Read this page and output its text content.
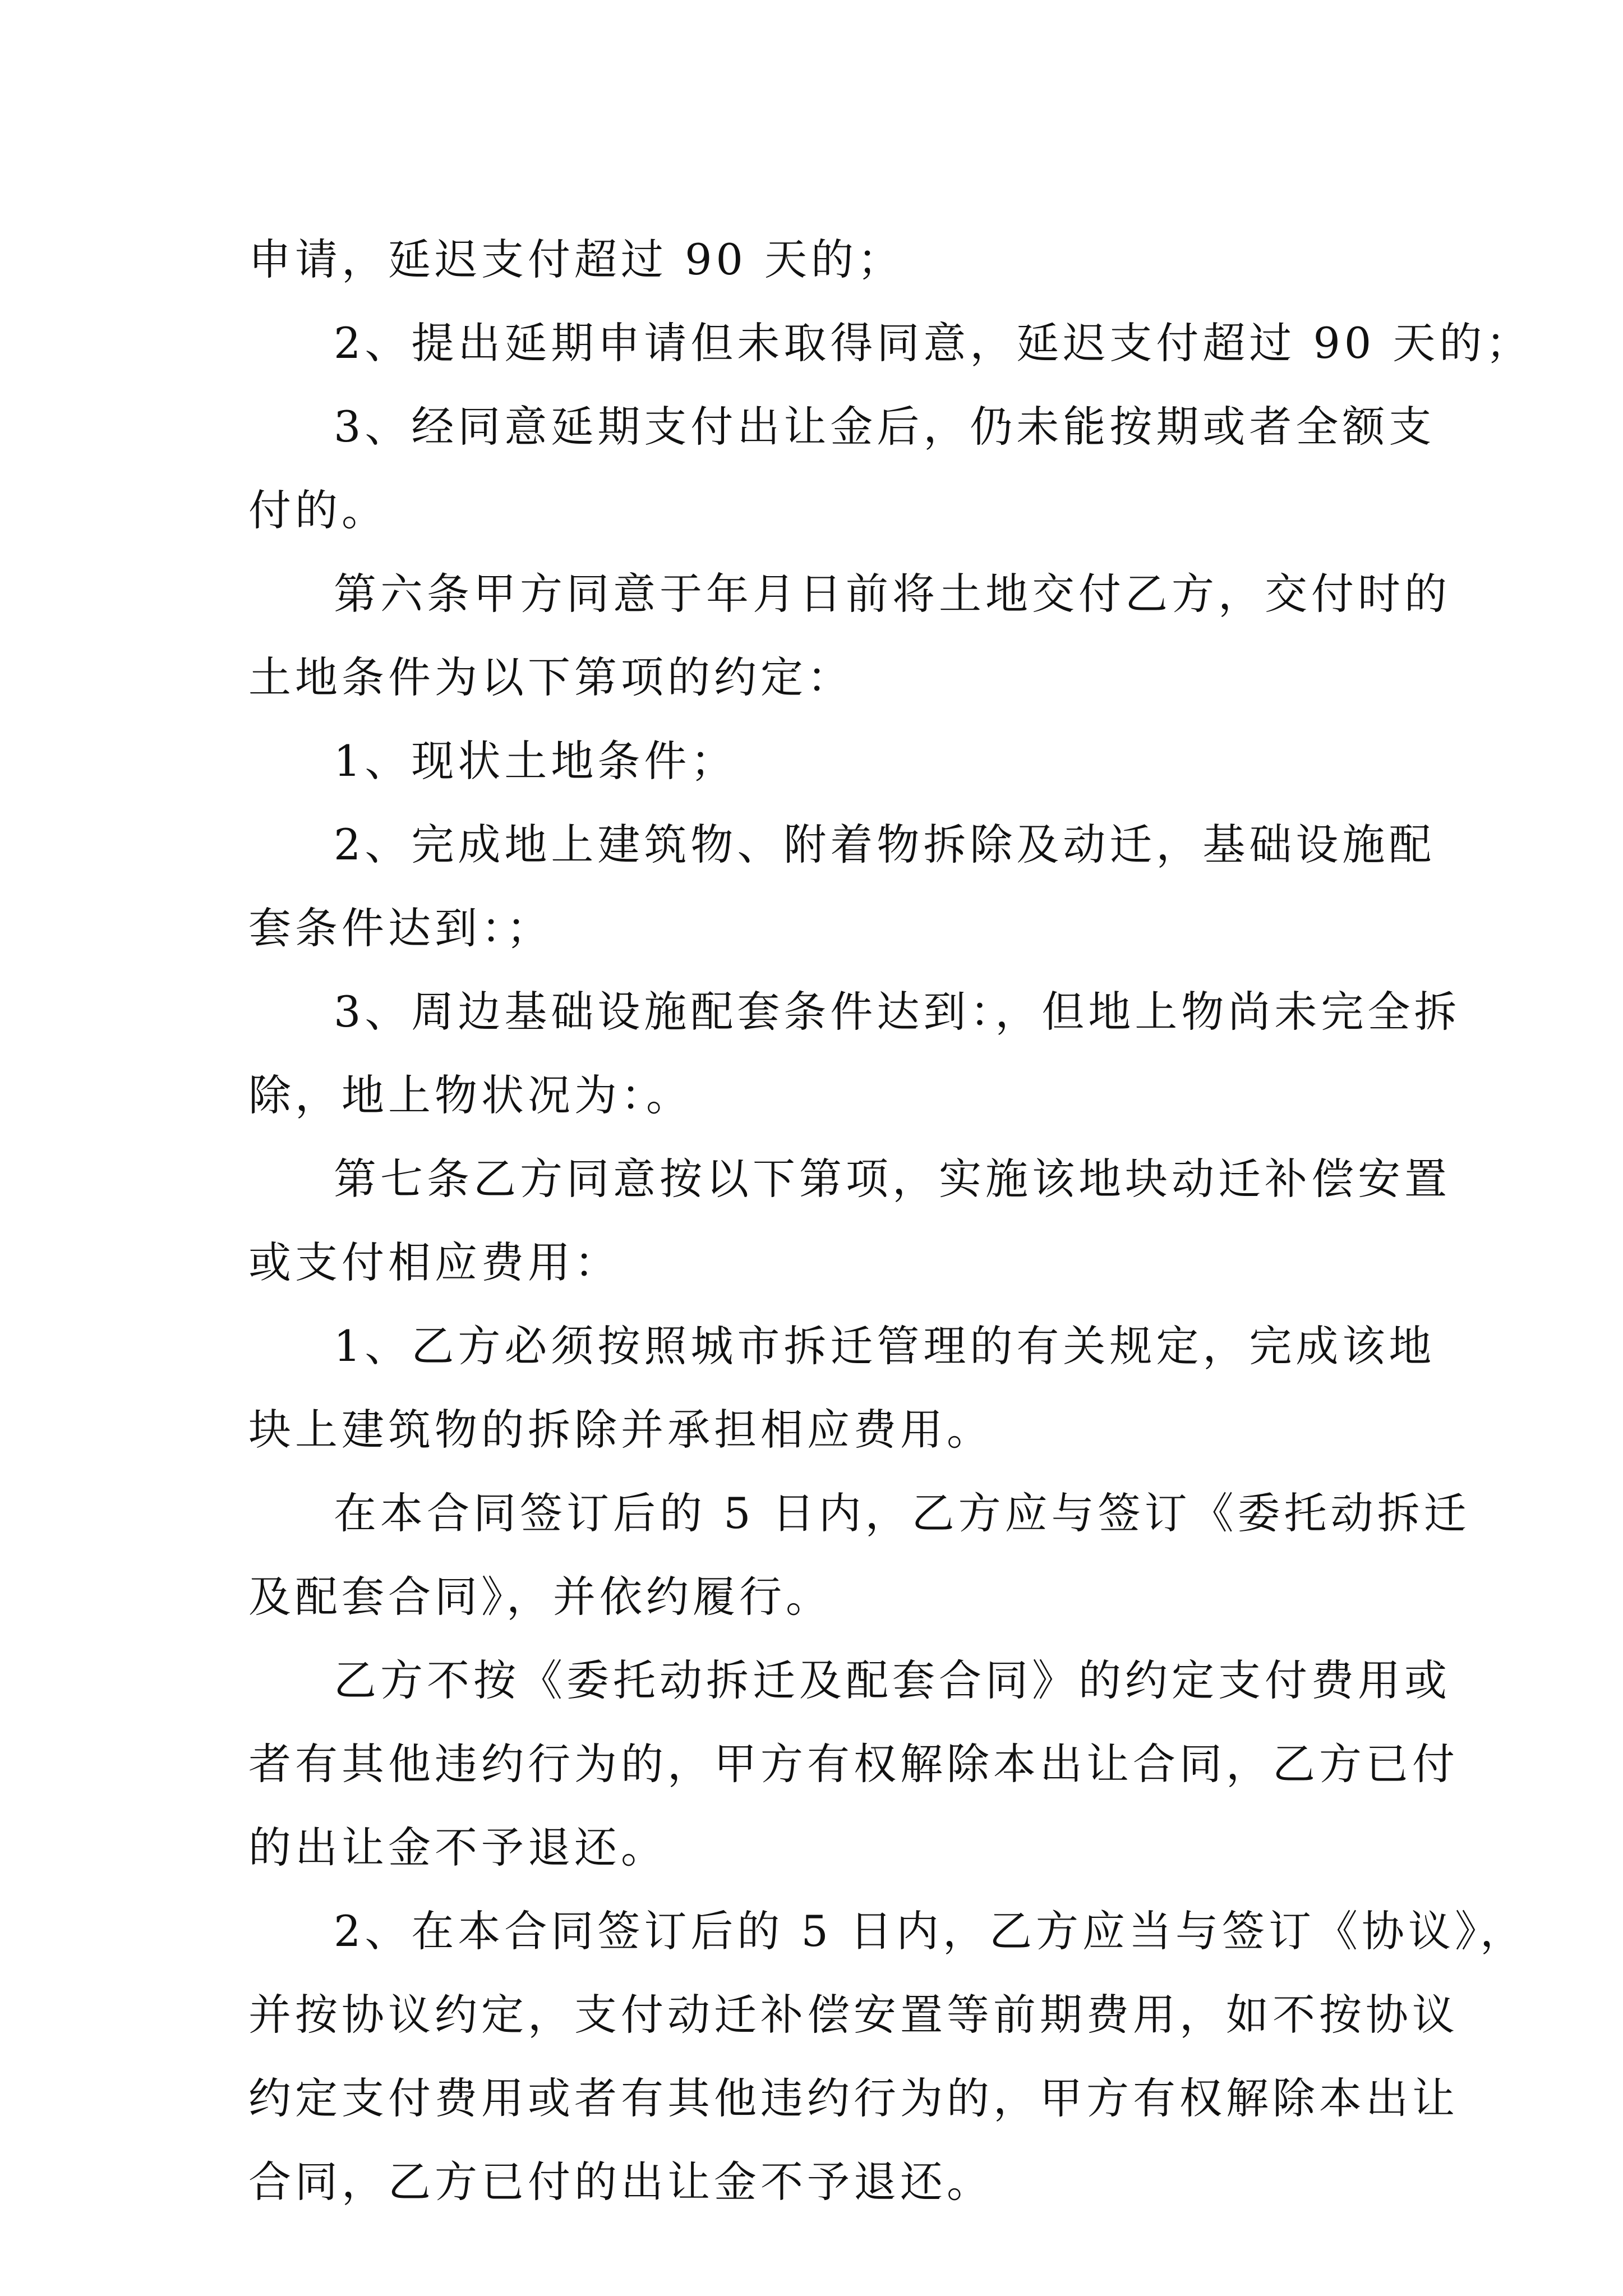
申请，延迟支付超过 90 天的；

2、提出延期申请但未取得同意，延迟支付超过 90 天的；

3、经同意延期支付出让金后，仍未能按期或者全额支

付的。

第六条甲方同意于年月日前将土地交付乙方，交付时的

土地条件为以下第项的约定：

1、现状土地条件；

2、完成地上建筑物、附着物拆除及动迁，基础设施配

套条件达到：；

3、周边基础设施配套条件达到：，但地上物尚未完全拆

除，地上物状况为：。

第七条乙方同意按以下第项，实施该地块动迁补偿安置

或支付相应费用：

1、乙方必须按照城市拆迁管理的有关规定，完成该地

块上建筑物的拆除并承担相应费用。

在本合同签订后的 5 日内，乙方应与签订《委托动拆迁

及配套合同》，并依约履行。

乙方不按《委托动拆迁及配套合同》的约定支付费用或

者有其他违约行为的，甲方有权解除本出让合同，乙方已付

的出让金不予退还。

2、在本合同签订后的 5 日内，乙方应当与签订《协议》，

并按协议约定，支付动迁补偿安置等前期费用，如不按协议

约定支付费用或者有其他违约行为的，甲方有权解除本出让

合同，乙方已付的出让金不予退还。
